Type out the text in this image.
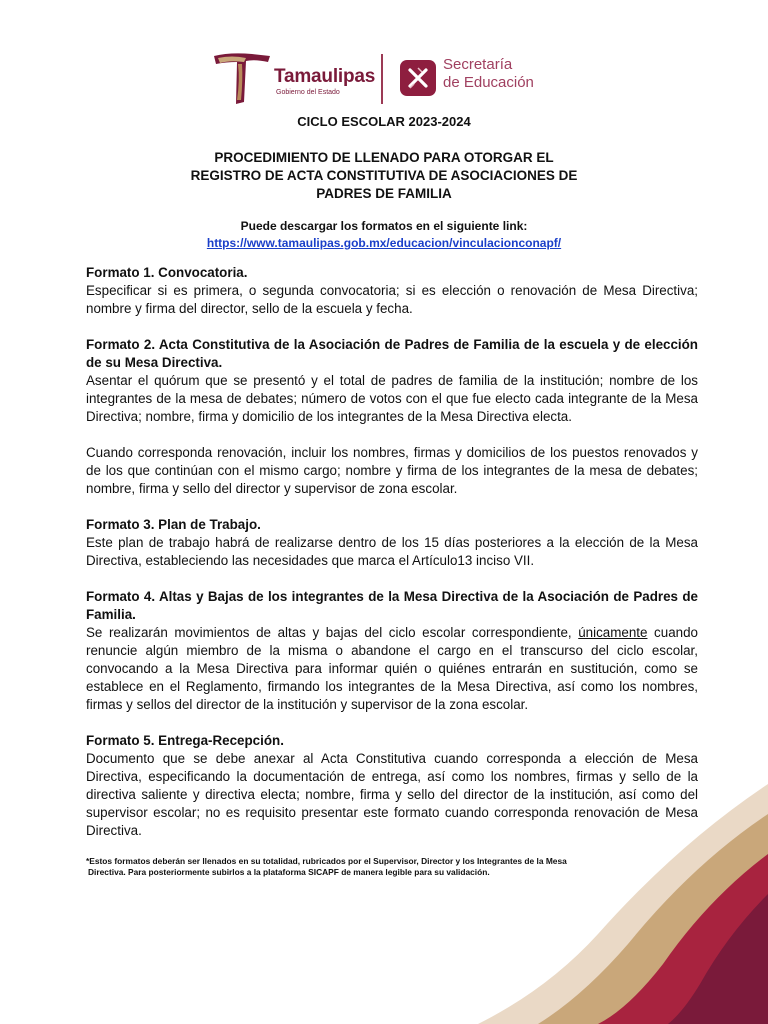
Tamaulipas
Gobierno del Estado
Secretaría
de Educación
CICLO ESCOLAR 2023-2024
PROCEDIMIENTO DE LLENADO PARA OTORGAR EL
REGISTRO DE ACTA CONSTITUTIVA DE ASOCIACIONES DE
PADRES DE FAMILIA
Puede descargar los formatos en el siguiente link:
https://www.tamaulipas.gob.mx/educacion/vinculacionconapf/

Formato 1. Convocatoria.

Especificar si es primera, o segunda convocatoria; si es elección o renovación de Mesa Directiva; nombre y firma del director, sello de la escuela y fecha.

Formato 2. Acta Constitutiva de la Asociación de Padres de Familia de la escuela y de elección de su Mesa Directiva.

Asentar el quórum que se presentó y el total de padres de familia de la institución; nombre de los integrantes de la mesa de debates; número de votos con el que fue electo cada integrante de la Mesa Directiva; nombre, firma y domicilio de los integrantes de la Mesa Directiva electa.

Cuando corresponda renovación, incluir los nombres, firmas y domicilios de los puestos renovados y de los que continúan con el mismo cargo; nombre y firma de los integrantes de la mesa de debates; nombre, firma y sello del director y supervisor de zona escolar.

Formato 3. Plan de Trabajo.

Este plan de trabajo habrá de realizarse dentro de los 15 días posteriores a la elección de la Mesa Directiva, estableciendo las necesidades que marca el Artículo13 inciso VII.

Formato 4. Altas y Bajas de los integrantes de la Mesa Directiva de la Asociación de Padres de Familia.

Se realizarán movimientos de altas y bajas del ciclo escolar correspondiente, únicamente cuando renuncie algún miembro de la misma o abandone el cargo en el transcurso del ciclo escolar, convocando a la Mesa Directiva para informar quién o quiénes entrarán en sustitución, como se establece en el Reglamento, firmando los integrantes de la Mesa Directiva, así como los nombres, firmas y sellos del director de la institución y supervisor de la zona escolar.

Formato 5. Entrega-Recepción.

Documento que se debe anexar al Acta Constitutiva cuando corresponda a elección de Mesa Directiva, especificando la documentación de entrega, así como los nombres, firmas y sello de la directiva saliente y directiva electa; nombre, firma y sello del director de la institución, así como del supervisor escolar; no es requisito presentar este formato cuando corresponda renovación de Mesa Directiva.

*Estos formatos deberán ser llenados en su totalidad, rubricados por el Supervisor, Director y los Integrantes de la Mesa
Directiva. Para posteriormente subirlos a la plataforma SICAPF de manera legible para su validación.
